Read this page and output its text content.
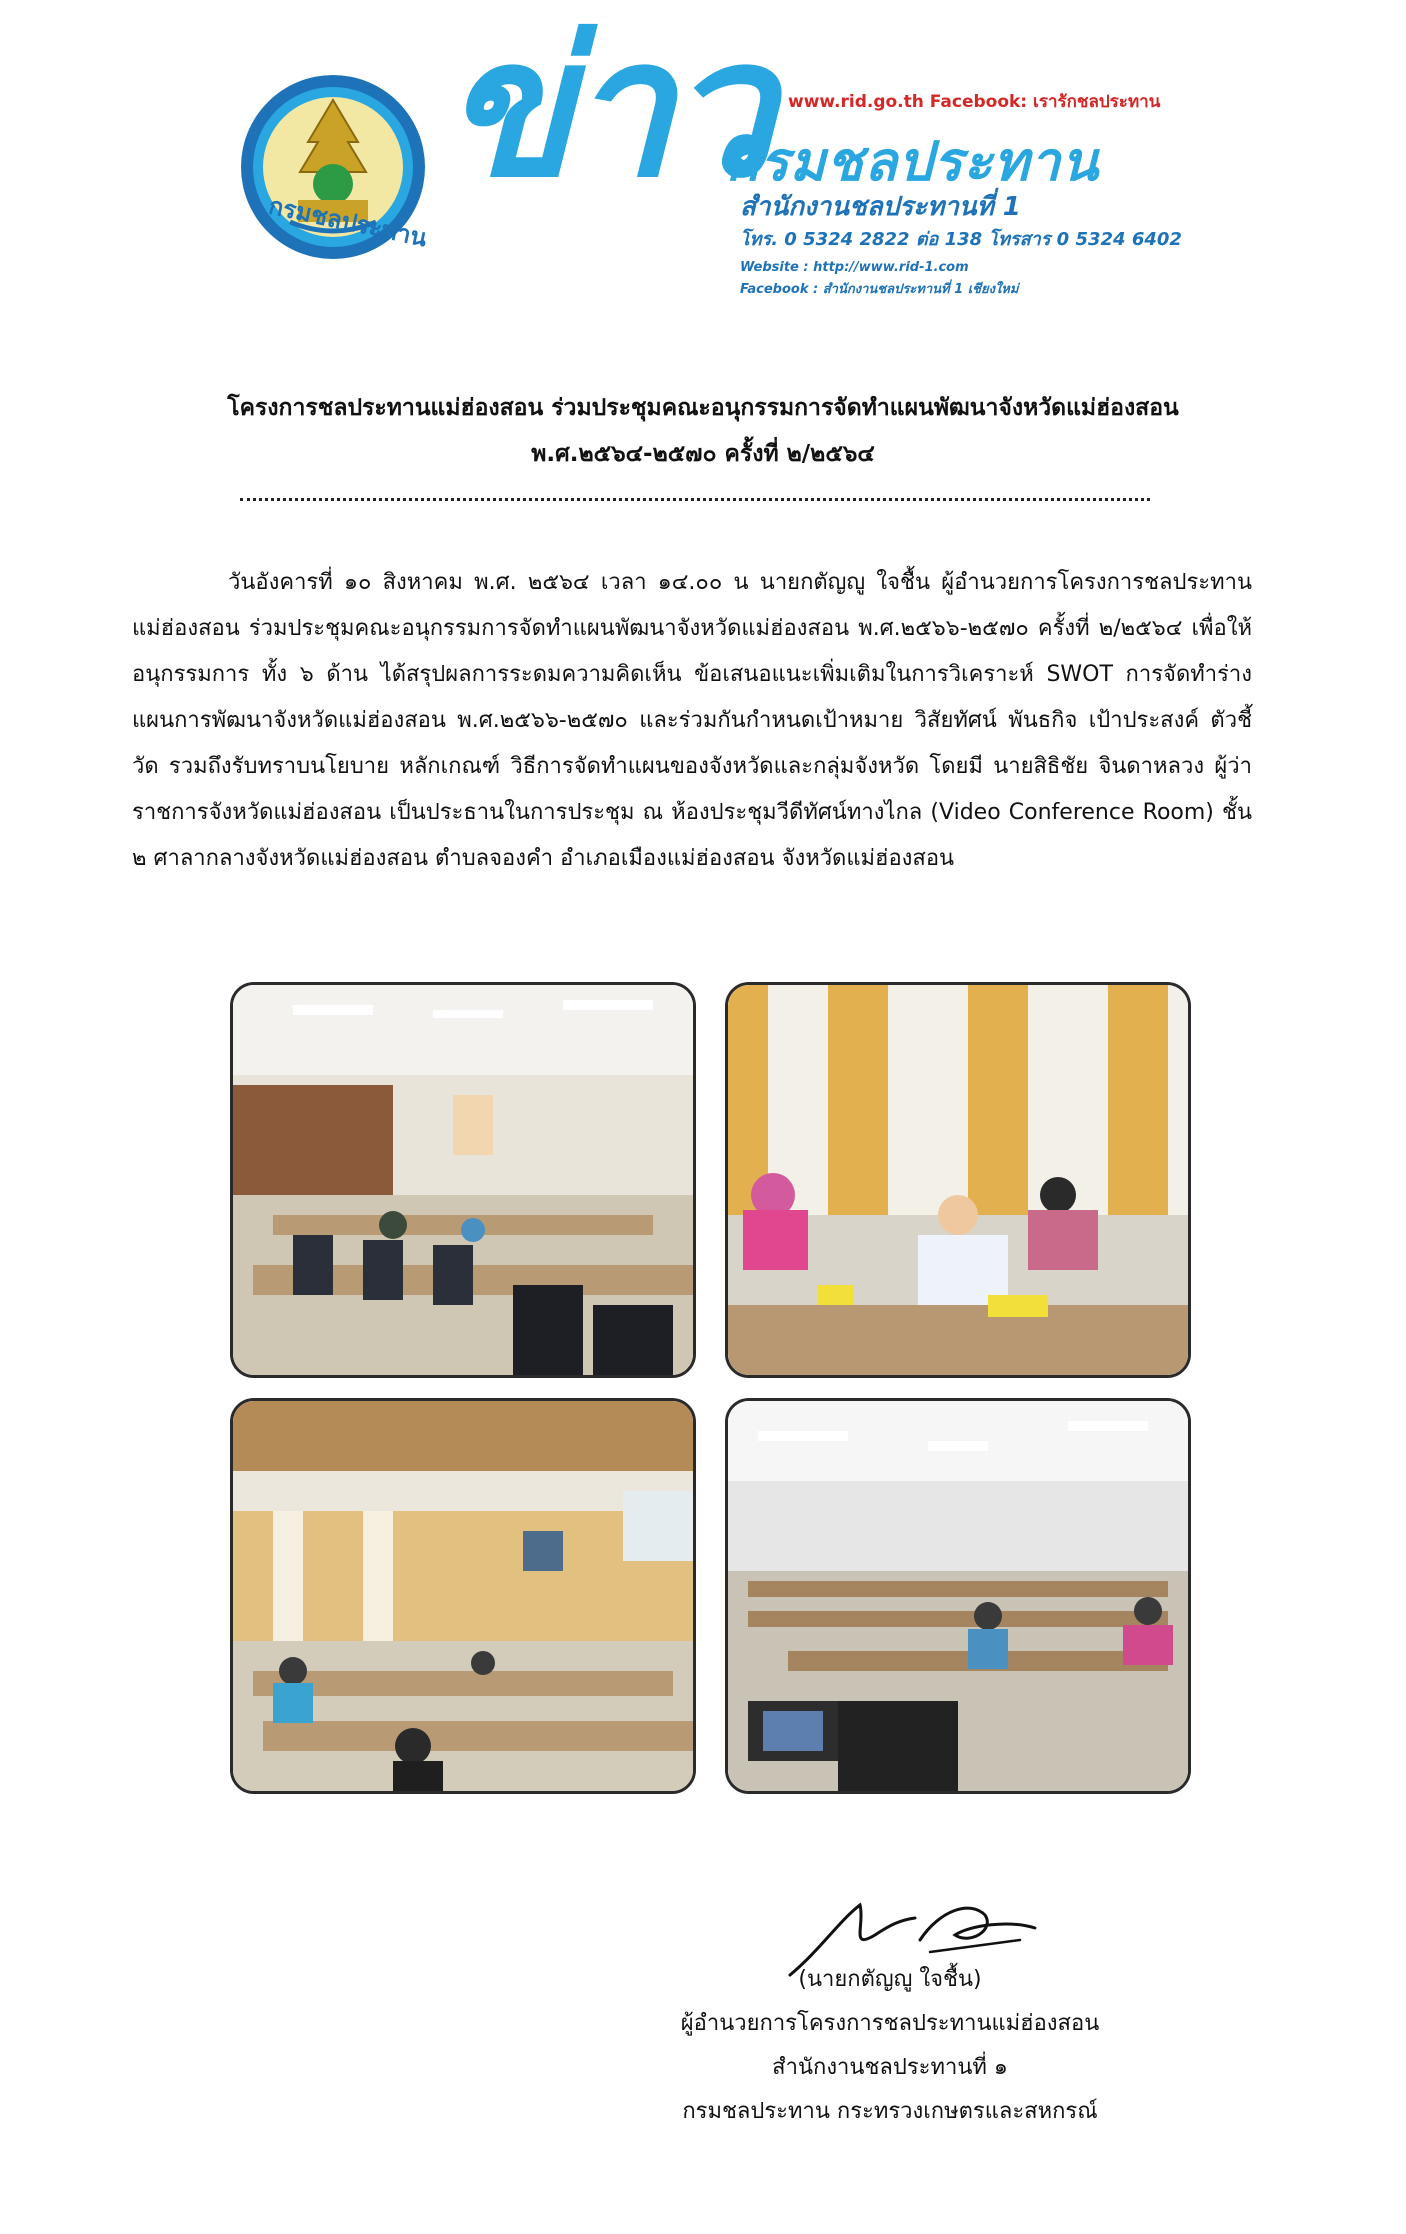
กรมชลประทาน
ข่าว www.rid.go.th Facebook: เรารักชลประทาน
กรมชลประทาน
สำนักงานชลประทานที่ 1
โทร. 0 5324 2822 ต่อ 138 โทรสาร 0 5324 6402
Website : http://www.rid-1.com
Facebook : สำนักงานชลประทานที่ 1 เชียงใหม่
โครงการชลประทานแม่ฮ่องสอน ร่วมประชุมคณะอนุกรรมการจัดทำแผนพัฒนาจังหวัดแม่ฮ่องสอน
พ.ศ.๒๕๖๔-๒๕๗๐ ครั้งที่ ๒/๒๕๖๔
วันอังคารที่ ๑๐ สิงหาคม พ.ศ. ๒๕๖๔ เวลา ๑๔.๐๐ น นายกตัญญู ใจชื้น ผู้อำนวยการโครงการชลประทานแม่ฮ่องสอน ร่วมประชุมคณะอนุกรรมการจัดทำแผนพัฒนาจังหวัดแม่ฮ่องสอน พ.ศ.๒๕๖๖-๒๕๗๐ ครั้งที่ ๒/๒๕๖๔ เพื่อให้อนุกรรมการ ทั้ง ๖ ด้าน ได้สรุปผลการระดมความคิดเห็น ข้อเสนอแนะเพิ่มเติมในการวิเคราะห์ SWOT การจัดทำร่างแผนการพัฒนาจังหวัดแม่ฮ่องสอน พ.ศ.๒๕๖๖-๒๕๗๐ และร่วมกันกำหนดเป้าหมาย วิสัยทัศน์ พันธกิจ เป้าประสงค์ ตัวชี้วัด รวมถึงรับทราบนโยบาย หลักเกณฑ์ วิธีการจัดทำแผนของจังหวัดและกลุ่มจังหวัด โดยมี นายสิธิชัย จินดาหลวง ผู้ว่าราชการจังหวัดแม่ฮ่องสอน เป็นประธานในการประชุม ณ ห้องประชุมวีดีทัศน์ทางไกล (Video Conference Room) ชั้น ๒ ศาลากลางจังหวัดแม่ฮ่องสอน ตำบลจองคำ อำเภอเมืองแม่ฮ่องสอน จังหวัดแม่ฮ่องสอน
(นายกตัญญู ใจชื้น)
ผู้อำนวยการโครงการชลประทานแม่ฮ่องสอน
สำนักงานชลประทานที่ ๑
กรมชลประทาน กระทรวงเกษตรและสหกรณ์
